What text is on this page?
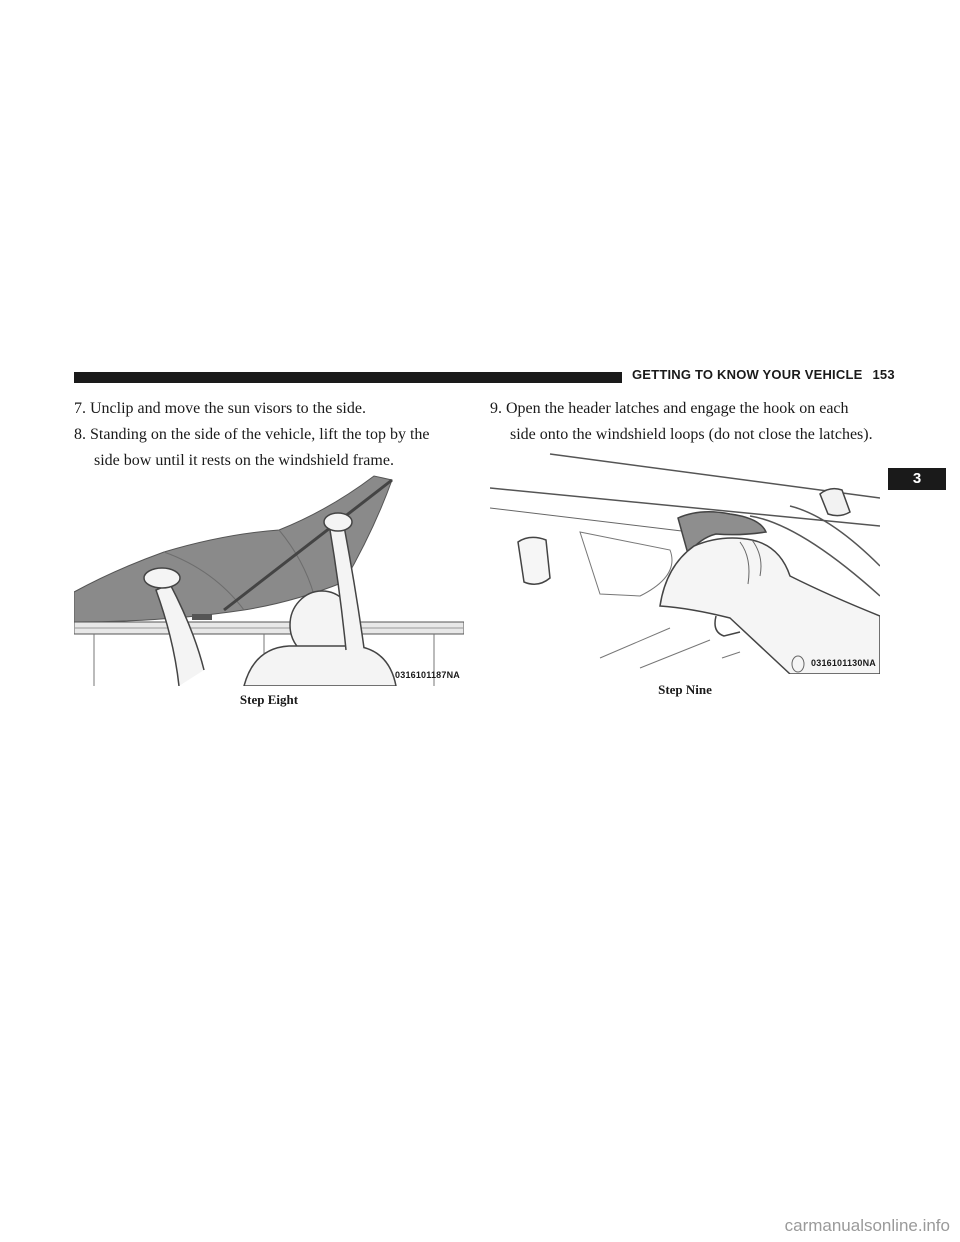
GETTING TO KNOW YOUR VEHICLE 153
3

7. Unclip and move the sun visors to the side.

8. Standing on the side of the vehicle, lift the top by the
side bow until it rests on the windshield frame.

9. Open the header latches and engage the hook on each
side onto the windshield loops (do not close the latches).

0316101187NA
Step Eight
0316101130NA
Step Nine
carmanualsonline.info
